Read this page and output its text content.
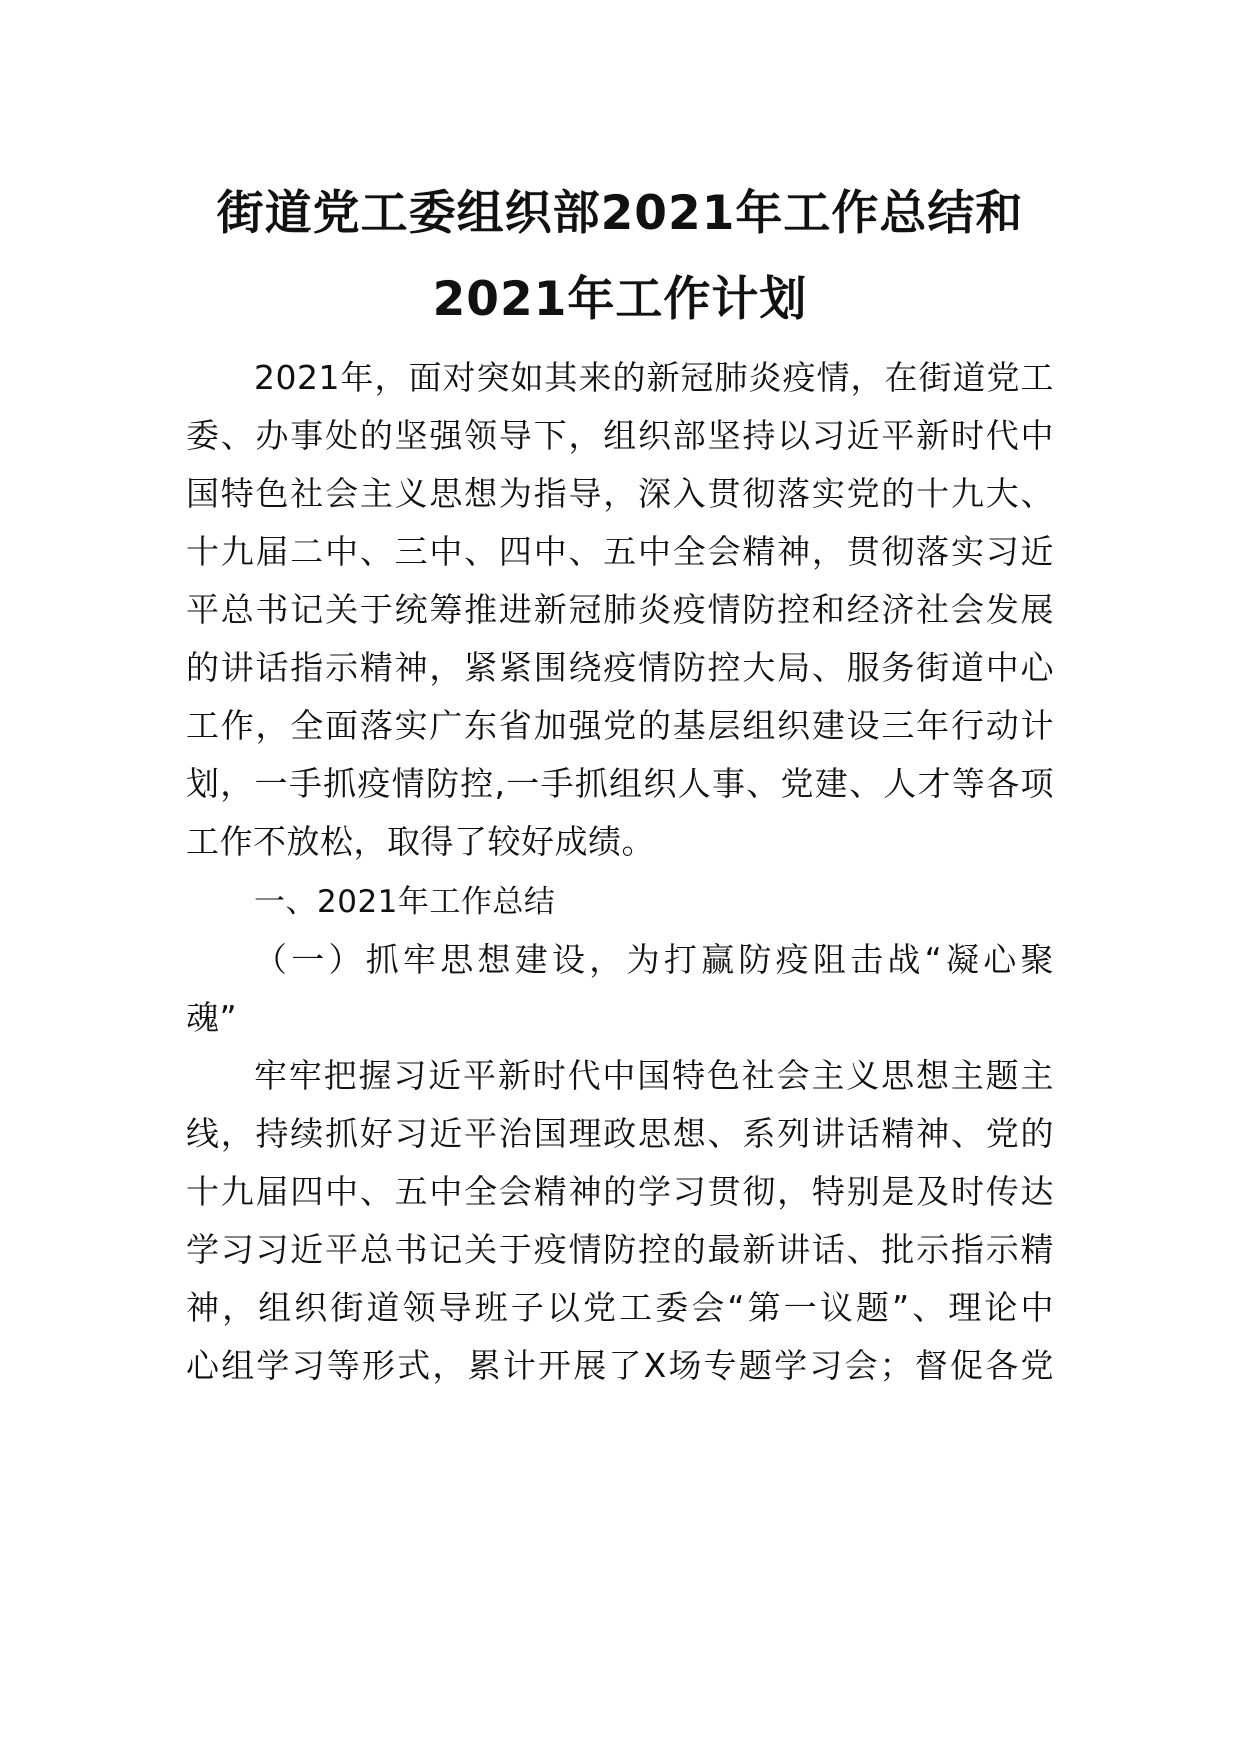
街道党工委组织部2021年工作总结和
2021年工作计划
2021年，面对突如其来的新冠肺炎疫情，在街道党工
委、办事处的坚强领导下，组织部坚持以习近平新时代中
国特色社会主义思想为指导，深入贯彻落实党的十九大、
十九届二中、三中、四中、五中全会精神，贯彻落实习近
平总书记关于统筹推进新冠肺炎疫情防控和经济社会发展
的讲话指示精神，紧紧围绕疫情防控大局、服务街道中心
工作，全面落实广东省加强党的基层组织建设三年行动计
划，一手抓疫情防控,一手抓组织人事、党建、人才等各项
工作不放松，取得了较好成绩。
一、2021年工作总结
（一）抓牢思想建设，为打赢防疫阻击战“凝心聚
魂”
牢牢把握习近平新时代中国特色社会主义思想主题主
线，持续抓好习近平治国理政思想、系列讲话精神、党的
十九届四中、五中全会精神的学习贯彻，特别是及时传达
学习习近平总书记关于疫情防控的最新讲话、批示指示精
神，组织街道领导班子以党工委会“第一议题”、理论中
心组学习等形式，累计开展了X场专题学习会；督促各党
